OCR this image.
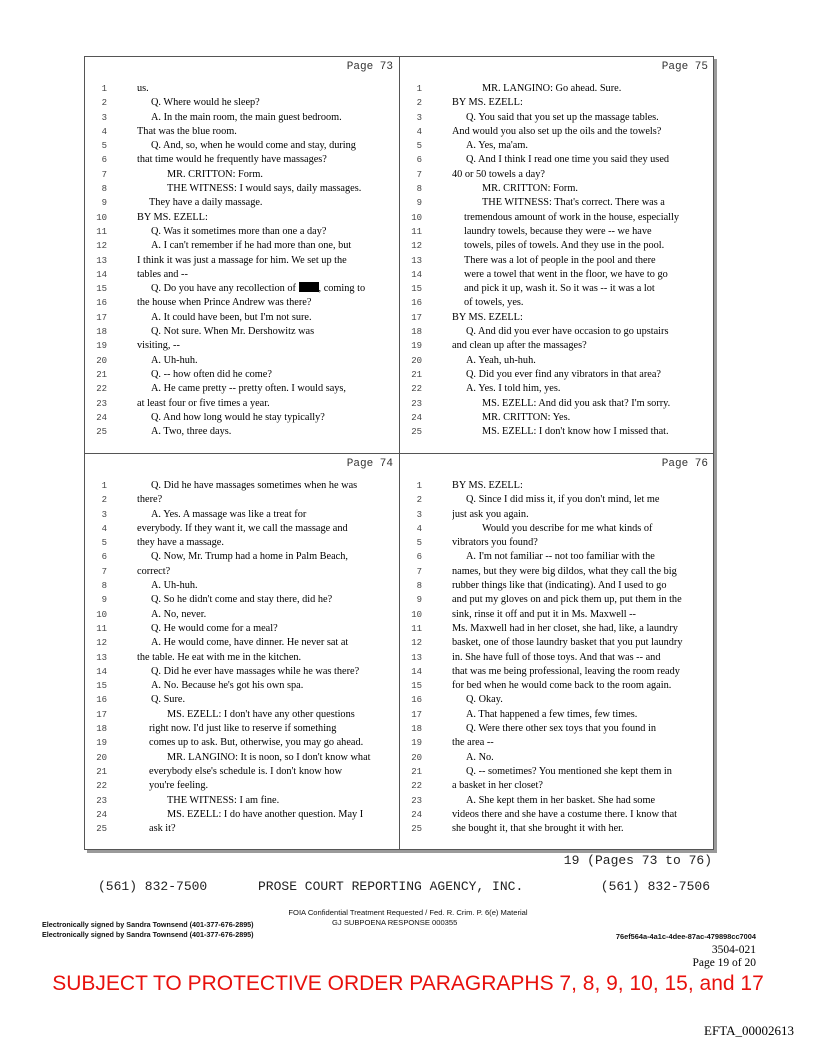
Page 73
1	us.
2	Q. Where would he sleep?
3	A. In the main room, the main guest bedroom.
4	That was the blue room.
5	Q. And, so, when he would come and stay, during
6	that time would he frequently have massages?
7	MR. CRITTON: Form.
8	THE WITNESS: I would says, daily massages.
9	They have a daily massage.
10	BY MS. EZELL:
11	Q. Was it sometimes more than one a day?
12	A. I can't remember if he had more than one, but
13	I think it was just a massage for him. We set up the
14	tables and --
15	Q. Do you have any recollection of , coming to
16	the house when Prince Andrew was there?
17	A. It could have been, but I'm not sure.
18	Q. Not sure. When Mr. Dershowitz was
19	visiting, --
20	A. Uh-huh.
21	Q. -- how often did he come?
22	A. He came pretty -- pretty often. I would says,
23	at least four or five times a year.
24	Q. And how long would he stay typically?
25	A. Two, three days.
Page 75
1	MR. LANGINO: Go ahead. Sure.
2	BY MS. EZELL:
3	Q. You said that you set up the massage tables.
4	And would you also set up the oils and the towels?
5	A. Yes, ma'am.
6	Q. And I think I read one time you said they used
7	40 or 50 towels a day?
8	MR. CRITTON: Form.
9	THE WITNESS: That's correct. There was a
10	tremendous amount of work in the house, especially
11	laundry towels, because they were -- we have
12	towels, piles of towels. And they use in the pool.
13	There was a lot of people in the pool and there
14	were a towel that went in the floor, we have to go
15	and pick it up, wash it. So it was -- it was a lot
16	of towels, yes.
17	BY MS. EZELL:
18	Q. And did you ever have occasion to go upstairs
19	and clean up after the massages?
20	A. Yeah, uh-huh.
21	Q. Did you ever find any vibrators in that area?
22	A. Yes. I told him, yes.
23	MS. EZELL: And did you ask that? I'm sorry.
24	MR. CRITTON: Yes.
25	MS. EZELL: I don't know how I missed that.
Page 74
1	Q. Did he have massages sometimes when he was
2	there?
3	A. Yes. A massage was like a treat for
4	everybody. If they want it, we call the massage and
5	they have a massage.
6	Q. Now, Mr. Trump had a home in Palm Beach,
7	correct?
8	A. Uh-huh.
9	Q. So he didn't come and stay there, did he?
10	A. No, never.
11	Q. He would come for a meal?
12	A. He would come, have dinner. He never sat at
13	the table. He eat with me in the kitchen.
14	Q. Did he ever have massages while he was there?
15	A. No. Because he's got his own spa.
16	Q. Sure.
17	MS. EZELL: I don't have any other questions
18	right now. I'd just like to reserve if something
19	comes up to ask. But, otherwise, you may go ahead.
20	MR. LANGINO: It is noon, so I don't know what
21	everybody else's schedule is. I don't know how
22	you're feeling.
23	THE WITNESS: I am fine.
24	MS. EZELL: I do have another question. May I
25	ask it?
Page 76
1	BY MS. EZELL:
2	Q. Since I did miss it, if you don't mind, let me
3	just ask you again.
4	Would you describe for me what kinds of
5	vibrators you found?
6	A. I'm not familiar -- not too familiar with the
7	names, but they were big dildos, what they call the big
8	rubber things like that (indicating). And I used to go
9	and put my gloves on and pick them up, put them in the
10	sink, rinse it off and put it in Ms. Maxwell --
11	Ms. Maxwell had in her closet, she had, like, a laundry
12	basket, one of those laundry basket that you put laundry
13	in. She have full of those toys. And that was -- and
14	that was me being professional, leaving the room ready
15	for bed when he would come back to the room again.
16	Q. Okay.
17	A. That happened a few times, few times.
18	Q. Were there other sex toys that you found in
19	the area --
20	A. No.
21	Q. -- sometimes? You mentioned she kept them in
22	a basket in her closet?
23	A. She kept them in her basket. She had some
24	videos there and she have a costume there. I know that
25	she bought it, that she brought it with her.
19 (Pages 73 to 76)
(561) 832-7500	PROSE COURT REPORTING AGENCY, INC.	(561) 832-7506
FOIA Confidential Treatment Requested / Fed. R. Crim. P. 6(e) Material
Electronically signed by Sandra Townsend (401-377-676-2895)	GJ SUBPOENA RESPONSE 000355
Electronically signed by Sandra Townsend (401-377-676-2895)	76ef564a-4a1c-4dee-87ac-479898cc7004
3504-021
Page 19 of 20
SUBJECT TO PROTECTIVE ORDER PARAGRAPHS 7, 8, 9, 10, 15, and 17
EFTA_00002613
